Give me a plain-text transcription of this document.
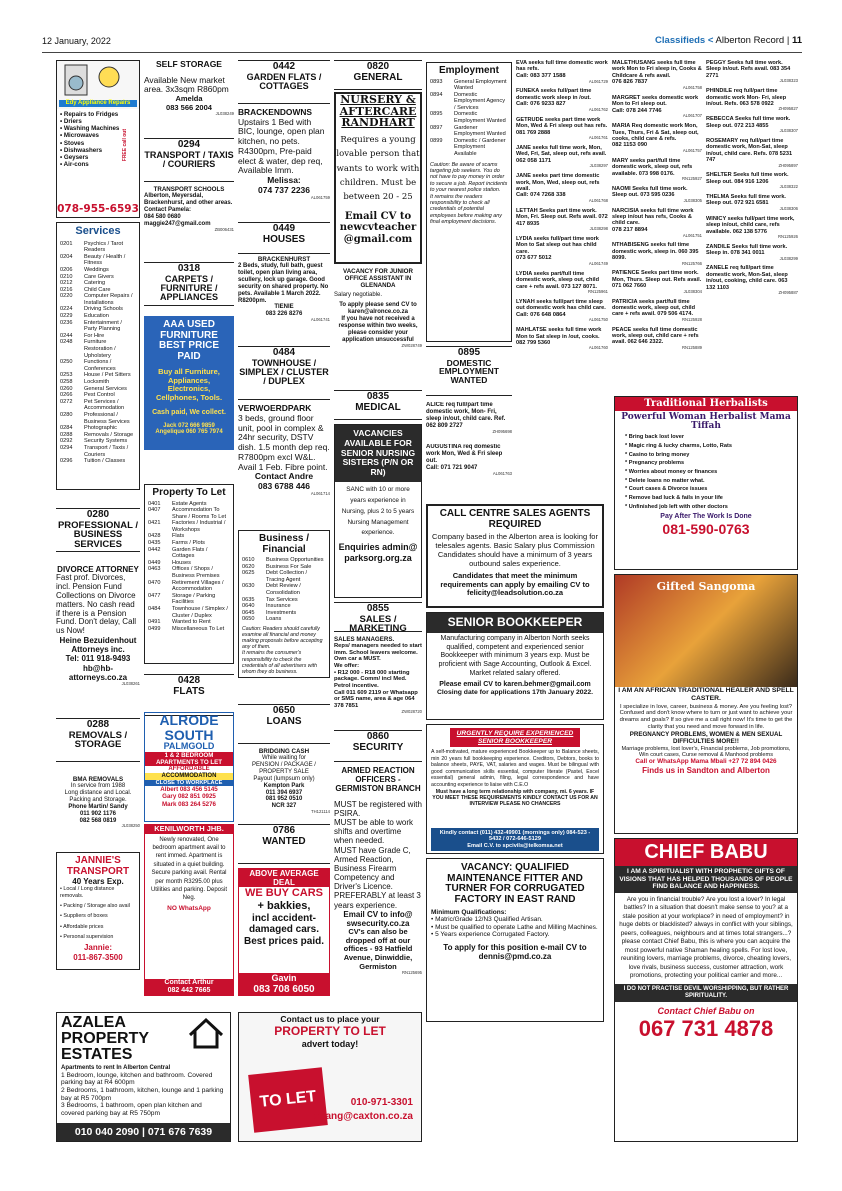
12 January, 2022	Classifieds < Alberton Record | 11
Edy Appliance Repairs
• Repairs to Fridges
• Driers
• Washing Machines
• Microwaves
• Stoves
• Dishwashers
• Geysers
• Air-cons
FREE call out
078-955-6593
Services
0201	Psychics / Tarot Readers
0204	Beauty / Health / Fitness
0206	Weddings
0210	Care Givers
0212	Catering
0216	Child Care
0220	Computer Repairs / Installations
0224	Driving Schools
0229	Education
0236	Entertainment / Party Planning
0244	For Hire
0248	Furniture Restoration / Upholstery
0250	Functions / Conferences
0253	House / Pet Sitters
0258	Locksmith
0260	General Services
0266	Pest Control
0272	Pet Services / Accommodation
0280	Professional / Business Services
0284	Photographic
0288	Removals / Storage
0292	Security Systems
0294	Transport / Taxis / Couriers
0296	Tuition / Classes
0280
PROFESSIONAL / BUSINESS SERVICES
DIVORCE ATTORNEY
Fast prof. Divorces, incl. Pension Fund Collections on Divorce matters. No cash read if there is a Pension Fund. Don't delay, Call us Now!
Heine Bezuidenhout Attorneys inc.
Tel: 011 918-9493
hb@hb-attorneys.co.za
JL038261
0288
REMOVALS / STORAGE
BMA REMOVALS
In service from 1988
Long distance and Local.
Packing and Storage.
Phone Martin/ Sandy
011 902 1176
082 568 0819
JL038250
JANNIE'S TRANSPORT
40 Years Exp.
• Local / Long distance removals.
• Packing / Storage also avail
• Suppliers of boxes
• Affordable prices
• Personal supervision
Jannie:
011-867-3500
AZALEA PROPERTY ESTATES
Apartments to rent In Alberton Central
1 Bedroom, lounge, kitchen and bathroom. Covered parking bay at R4 600pm
2 Bedrooms, 1 bathroom, kitchen, lounge and 1 parking bay at R5 700pm
3 Bedrooms, 1 bathroom, open plan kitchen and covered parking bay at R5 750pm
010 040 2090 | 071 676 7639
SELF STORAGE
Available New market area. 3x3sqm R860pm
Amelda
083 566 2004
JL038249
0294
TRANSPORT / TAXIS / COURIERS
TRANSPORT SCHOOLS
Alberton, Meyersdal, Brackenhurst, and other areas.
Contact Pamela:
084 580 0680
maggie247@gmail.com
ZB006431
0318
CARPETS / FURNITURE / APPLIANCES
AAA USED FURNITURE BEST PRICE PAID
Buy all Furniture, Appliances, Electronics, Cellphones, Tools.
Cash paid, We collect.
Jack 072 666 9859
Angelique 060 765 7974
Property To Let
0401	Estate Agents
0407	Accommodation To Share / Rooms To Let
0421	Factories / Industrial / Workshops
0428	Flats
0435	Farms / Plots
0442	Garden Flats / Cottages
0449	Houses
0463	Offices / Shops / Business Premises
0470	Retirement Villages / Accommodation
0477	Storage / Parking Facilities
0484	Townhouse / Simplex / Cluster / Duplex
0491	Wanted to Rent
0499	Miscellaneous To Let
0428
FLATS
ALRODE SOUTH
PALMGOLD
1 & 2 BEDROOM APARTMENTS TO LET
AFFORDABLE
ACCOMMODATION
CLOSE TO WORKPLACE
Albert 083 456 5145
Gary 082 851 0925
Mark 083 264 5276
KENILWORTH JHB.
Newly renovated, One bedroom apartment avail to rent immed. Apartment is situated in a quiet building. Secure parking avail. Rental per month R3295.00 plus Utilities and parking. Deposit Neg.
NO WhatsApp
Contact Arthur
082 442 7665
0442
GARDEN FLATS / COTTAGES
BRACKENDOWNS
Upstairs 1 Bed with BIC, lounge, open plan kitchen, no pets. R4300pm, Pre-paid elect & water, dep req, Available Imm.
Melissa:
074 737 2236
AL061759
0449
HOUSES
BRACKENHURST
2 Beds, study, full bath, guest toilet, open plan living area, scullery, lock up garage. Good security on shared property. No pets. Available 1 March 2022. R8200pm.
TIENIE
083 226 8276
AL061741
0484
TOWNHOUSE / SIMPLEX / CLUSTER / DUPLEX
VERWOERDPARK
3 beds, ground floor unit, pool in complex & 24hr security, DSTV dish. 1.5 month dep req. R7800pm excl W&L. Avail 1 Feb. Fibre point.
Contact Andre
083 6788 446
AL061714
Business / Financial
0610	Business Opportunities
0620	Business For Sale
0625	Debt Collection / Tracing Agent
0630	Debt Review / Consolidation
0635	Tax Services
0640	Insurance
0645	Investments
0650	Loans
Caution: Readers should carefully examine all financial and money making proposals before accepting any of them.
It remains the consumer's responsibility to check the credentials of all advertisers with whom they do business.
0650
LOANS
BRIDGING CASH
While waiting for
PENSION / PACKAGE / PROPERTY SALE
Payout (lumpsum only)
Kempton Park
011 394 6937
081 952 0510
NCR 327
TH121114
0786
WANTED
ABOVE AVERAGE DEAL
WE BUY CARS
+ bakkies,
incl accident-damaged cars.
Best prices paid.
Gavin
083 708 6050
0820
GENERAL
NURSERY & AFTERCARE RANDHART
Requires a young lovable person that wants to work with children. Must be between 20 - 25
Email CV to newcvteacher @gmail.com
VACANCY FOR JUNIOR OFFICE ASSISTANT IN GLENANDA
Salary negotiable.
To apply please send CV to karen@alronce.co.za
If you have not received a response within two weeks, please consider your application unsuccessful
ZW028749
0835
MEDICAL
VACANCIES AVAILABLE FOR SENIOR NURSING SISTERS (P/N OR RN)
SANC with 10 or more years experience in Nursing, plus 2 to 5 years Nursing Management experience.
Enquiries admin@ parksorg.org.za
0855
SALES / MARKETING
SALES MANAGERS.
Reps/ managers needed to start imm. School leavers welcome. Own car a MUST.
We offer:
• R12 000 - R18 000 starting package. Comm/ incl Med. Petrol incentive.
Call 011 609 2119 or Whatsapp or SMS name, area & age 064 378 7851
ZW028720
0860
SECURITY
ARMED REACTION OFFICERS - GERMISTON BRANCH
MUST be registered with PSIRA.
MUST be able to work shifts and overtime when needed.
MUST have Grade C, Armed Reaction, Business Firearm Competency and Driver's Licence.
PREFERABLY at least 3 years experience.
Email CV to info@ swsecurity.co.za
CV's can also be dropped off at our offices - 93 Hatfield Avenue, Dinwiddie, Germiston
RN125695
Contact us to place your
PROPERTY TO LET
advert today!
TO LET	010-971-3301
logang@caxton.co.za
Employment
0893	General Employment Wanted
0894	Domestic Employment Agency / Services
0895	Domestic Employment Wanted
0897	Gardener Employment Wanted
0899	Domestic / Gardener Employment Available
Caution: Be aware of scams targeting job seekers. You do not have to pay money in order to secure a job. Report incidents to your nearest police station.
It remains the readers responsibility to check all credentials of potential employees before making any final employment decisions.
0895
DOMESTIC EMPLOYMENT WANTED
ALICE req full/part time domestic work, Mon- Fri, sleep in/out, child care. Ref. 062 809 2727
ZH095698
AUGUSTINA req domestic work Mon, Wed & Fri sleep out.
Call: 071 721 9047
AL061763
EVA seeks full time domestic work has refs.
Call: 083 377 1588
AL061729
FUNEKA seeks full/part time domestic work sleep in /out.
Call: 076 9233 827
AL061762
GETRUDE seeks part time work Mon, Wed & Fri sleep out has refs. 081 769 2888
AL061761
JANE seeks full time work, Mon, Wed, Fri, Sat, sleep out, refs avail.
062 058 1171
JL038297
JANE seeks part time domestic work, Mon, Wed, sleep out, refs avail.
Call: 074 7268 338
AL061768
LETTAH Seeks part time work. Mon, Fri. Sleep out. Refs avail. 072 417 8935
JL038298
LYDIA seeks full/part time work Mon to Sat sleep out has child care.
073 677 5012
AL061749
LYDIA seeks part/full time domestic work, sleep out, child care + refs avail. 073 127 8071.
RN125961
LYNAH seeks full/part time sleep out domestic work has child care.
Call: 076 648 0864
AL061750
MAHLATSE seeks full time work Mon to Sat sleep in /out, cooks. 082 799 5360
AL061760
MALETHUSANG seeks full time work Mon to Fri sleep in, Cooks & Childcare & refs avail.
076 826 7837
AL061758
MARGRET seeks domestic work Mon to Fri sleep out.
Call: 078 244 7746
AL061707
MARIA Req domestic work Mon, Tues, Thurs, Fri & Sat, sleep out, cooks, child care & refs.
082 1153 090
AL061757
MARY seeks part/full time domestic work, sleep out, refs available. 073 998 0176.
RN125927
NAOMI Seeks full time work. Sleep out. 073 595 0236
JL038305
NARCISIA seeks full time work sleep in/out has refs, Cooks & child care.
078 217 8894
AL061751
NTHABISENG seeks full time domestic work, sleep in. 060 395 8099.
RN125766
PATIENCE Seeks part time work. Mon, Thurs. Sleep out. Refs avail. 071 062 7660
JL038304
PATRICIA seeks part/full time domestic work, sleep out, child care + refs avail. 079 506 4174.
RN125928
PEACE seeks full time domestic work, sleep out, child care + refs avail. 062 646 2322.
RN125889
PEGGY Seeks full time work. Sleep in/out. Refs avail. 083 354 2771
JL038323
PHINDILE req full/part time domestic work Mon- Fri, sleep in/out. Refs. 063 578 0922
ZH095827
REBECCA Seeks full time work. Sleep out. 072 213 4855
JL038307
ROSEMARY req full/part time domestic work, Mon-Sat, sleep in/out, child care. Refs. 078 5231 747
ZH095897
SHELTER Seeks full time work. Sleep out. 084 916 1206
JL038322
THELMA Seeks full time work. Sleep out. 072 921 6581
JL038306
WINICY seeks full/part time work, sleep in/out, child care, refs available. 062 138 5776
RN125926
ZANDILE Seeks full time work. Sleep in. 078 341 0011
JL038299
ZANELE req full/part time domestic work, Mon-Sat, sleep in/out, cooking, child care. 063 132 1103
ZH095887
CALL CENTRE SALES AGENTS REQUIRED
Company based in the Alberton area is looking for telesales agents. Basic Salary plus Commission Candidates should have a minimum of 3 years outbound sales experience.
Candidates that meet the minimum requirements can apply by emailing CV to felicity@leadsolution.co.za
SENIOR BOOKKEEPER
Manufacturing company in Alberton North seeks qualified, competent and experienced senior Bookkeeper with minimum 3 years exp. Must be proficient with Sage Accounting, Outlook & Excel. Market related salary offered.
Please email CV to karen.behmer@gmail.com
Closing date for applications 17th January 2022.
URGENTLY REQUIRE EXPERIENCED SENIOR BOOKKEEPER
A self-motivated, mature experienced Bookkeeper up to Balance sheets, min 20 years full bookkeeping experience. Creditors, Debtors, books to balance sheets, PAYE, VAT, salaries and wages. Must be bilingual with good communication skills essential, computer literate (Pastel, Excel essential) general admin, filing, legal correspondence and have accounting experience to liaise with C.E.O
Must have a long term relationship with company, mi. 6 years. IF YOU MEET THESE REQUIREMENTS KINDLY CONTACT US FOR AN INTERVIEW PLEASE NO CHANCERS
Kindly contact (011) 432-49901 (mornings only) 084-523 - 5432 / 072-646-5129
Email C.V. to spcivils@telkomsa.net
VACANCY: QUALIFIED MAINTENANCE FITTER AND TURNER FOR CORRUGATED FACTORY IN EAST RAND
Minimum Qualifications:
• Matric/Grade 12/N3 Qualified Artisan.
• Must be qualified to operate Lathe and Milling Machines.
• 5 Years experience Corrugated Factory.
To apply for this position e-mail CV to dennis@pmd.co.za
Traditional Herbalists
Powerful Woman Herbalist Mama Tiffah
* Bring back lost lover
* Magic ring & lucky charms, Lotto, Rats
* Casino to bring money
* Pregnancy problems
* Worries about money or finances
* Delete loans no matter what.
* Court cases & Divorce issues
* Remove bad luck & fails in your life
* Unfinished job left with other doctors
Pay After The Work Is Done
081-590-0763
Gifted Sangoma
I AM AN AFRICAN TRADITIONAL HEALER AND SPELL CASTER.
I specialize in love, career, business & money. Are you feeling lost? Confused and don't know where to turn or just want to achieve your dreams and goals? If so give me a call right now! It's time to get the clarity that you need and move forward in life.
PREGNANCY PROBLEMS, WOMEN & MEN SEXUAL DIFFICULTIES MORE!!
Marriage problems, lost lover's, Financial problems, Job promotions, Win court cases, Curse removal & Manhood problems
Call or WhatsApp Mama Mbali +27 72 894 0426
Finds us in Sandton and Alberton
CHIEF BABU
I AM A SPIRITUALIST WITH PROPHETIC GIFTS OF VISIONS THAT HAS HELPED THOUSANDS OF PEOPLE FIND BALANCE AND HAPPINESS.
Are you in financial trouble? Are you lost a lover? In legal battles? In a situation that doesn't make sense to you? at a stale position at your workplace? in need of employment? in huge debts or blacklisted? always in conflict with your siblings, peers, colleagues, neighbours and at times total strangers...? please contact Chief Babu, this is where you can acquire the most powerful native Shaman healing spells. For lost love, reuniting lovers, marriage problems, divorce, cheating lovers, love rivals, business success, customer attraction, work promotions, protecting your political carrier and more...
I DO NOT PRACTISE DEVIL WORSHIPPING, BUT RATHER SPIRITUALITY.
Contact Chief Babu on
067 731 4878
